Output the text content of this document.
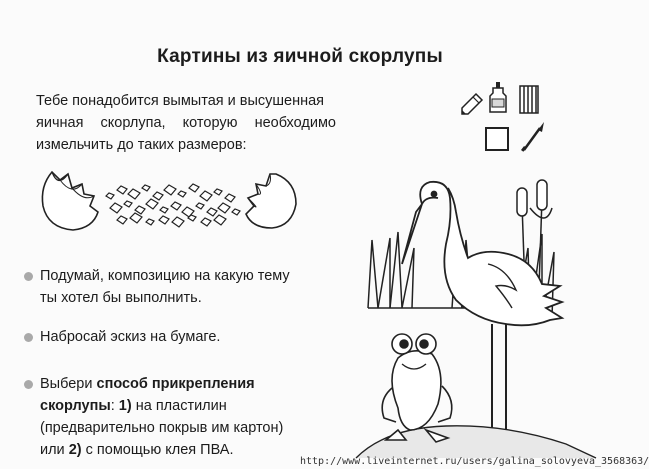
Картины из яичной скорлупы
Тебе понадобится вымытая и высушенная

яичная скорлупа, которую необходимо
измельчить до таких размеров:
Подумай, композицию на какую тему
ты хотел бы выполнить.
Набросай эскиз на бумаге.
Выбери способ прикрепления
скорлупы: 1) на пластилин
(предварительно покрыв им картон)
или 2) с помощью клея ПВА.
http://www.liveinternet.ru/users/galina_solovyeva_3568363/
